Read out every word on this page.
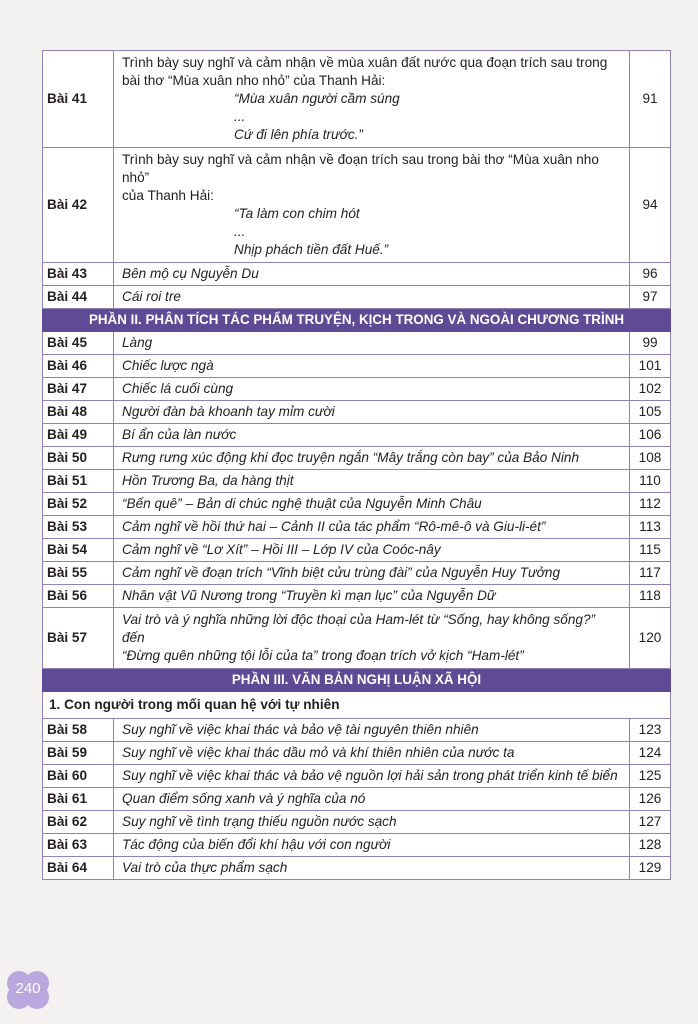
Bài 41	Trình bày suy nghĩ và cảm nhận về mùa xuân đất nước qua đoạn trích sau trong
bài thơ “Mùa xuân nho nhỏ” của Thanh Hải:
“Mùa xuân người cầm súng
...
Cứ đi lên phía trước.”	91
Bài 42	Trình bày suy nghĩ và cảm nhận về đoạn trích sau trong bài thơ “Mùa xuân nho nhỏ”
của Thanh Hải:
“Ta làm con chim hót
...
Nhịp phách tiền đất Huế.”	94
Bài 43	Bên mộ cụ Nguyễn Du	96
Bài 44	Cái roi tre	97
PHẦN II. PHÂN TÍCH TÁC PHẨM TRUYỆN, KỊCH TRONG VÀ NGOÀI CHƯƠNG TRÌNH		
Bài 45	Làng	99
Bài 46	Chiếc lược ngà	101
Bài 47	Chiếc lá cuối cùng	102
Bài 48	Người đàn bà khoanh tay mỉm cười	105
Bài 49	Bí ẩn của làn nước	106
Bài 50	Rưng rưng xúc động khi đọc truyện ngắn “Mây trắng còn bay” của Bảo Ninh	108
Bài 51	Hồn Trương Ba, da hàng thịt	110
Bài 52	“Bến quê” – Bản di chúc nghệ thuật của Nguyễn Minh Châu	112
Bài 53	Cảm nghĩ về hồi thứ hai – Cảnh II của tác phẩm “Rô-mê-ô và Giu-li-ét”	113
Bài 54	Cảm nghĩ về “Lơ Xít” – Hồi III – Lớp IV của Coóc-nây	115
Bài 55	Cảm nghĩ về đoạn trích “Vĩnh biệt cửu trùng đài” của Nguyễn Huy Tưởng	117
Bài 56	Nhân vật Vũ Nương trong “Truyền kì mạn lục” của Nguyễn Dữ	118
Bài 57	Vai trò và ý nghĩa những lời độc thoại của Ham-lét từ “Sống, hay không sống?” đến
“Đừng quên những tội lỗi của ta” trong đoạn trích vở kịch “Ham-lét”	120
PHẦN III. VĂN BẢN NGHỊ LUẬN XÃ HỘI		
1. Con người trong mối quan hệ với tự nhiên		
Bài 58	Suy nghĩ về việc khai thác và bảo vệ tài nguyên thiên nhiên	123
Bài 59	Suy nghĩ về việc khai thác dầu mỏ và khí thiên nhiên của nước ta	124
Bài 60	Suy nghĩ về việc khai thác và bảo vệ nguồn lợi hải sản trong phát triển kinh tế biển	125
Bài 61	Quan điểm sống xanh và ý nghĩa của nó	126
Bài 62	Suy nghĩ về tình trạng thiếu nguồn nước sạch	127
Bài 63	Tác động của biến đổi khí hậu với con người	128
Bài 64	Vai trò của thực phẩm sạch	129
240
